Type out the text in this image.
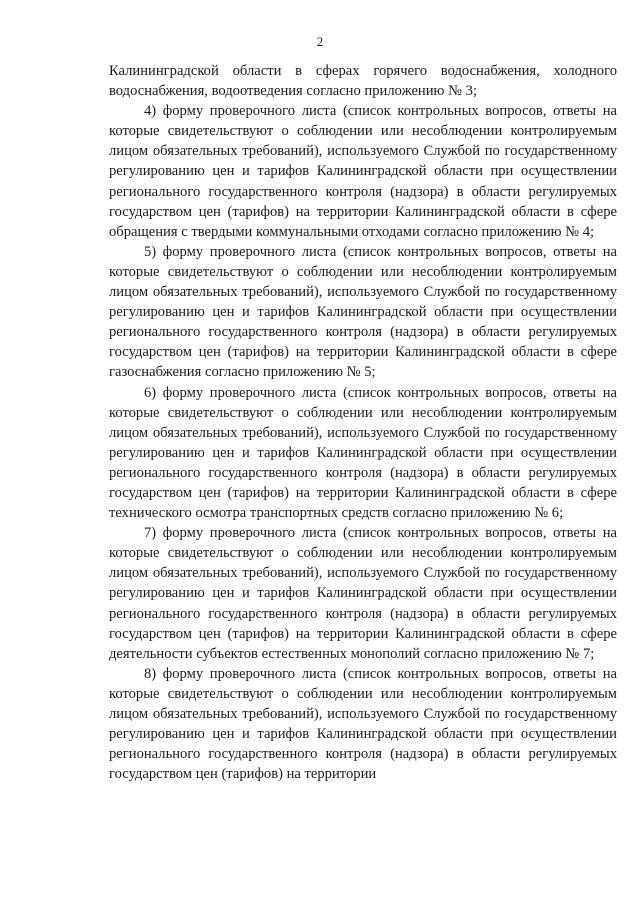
2

Калининградской области в сферах горячего водоснабжения, холодного водоснабжения, водоотведения согласно приложению № 3;

4) форму проверочного листа (список контрольных вопросов, ответы на которые свидетельствуют о соблюдении или несоблюдении контролируемым лицом обязательных требований), используемого Службой по государственному регулированию цен и тарифов Калининградской области при осуществлении регионального государственного контроля (надзора) в области регулируемых государством цен (тарифов) на территории Калининградской области в сфере обращения с твердыми коммунальными отходами согласно приложению № 4;

5) форму проверочного листа (список контрольных вопросов, ответы на которые свидетельствуют о соблюдении или несоблюдении контролируемым лицом обязательных требований), используемого Службой по государственному регулированию цен и тарифов Калининградской области при осуществлении регионального государственного контроля (надзора) в области регулируемых государством цен (тарифов) на территории Калининградской области в сфере газоснабжения согласно приложению № 5;

6) форму проверочного листа (список контрольных вопросов, ответы на которые свидетельствуют о соблюдении или несоблюдении контролируемым лицом обязательных требований), используемого Службой по государственному регулированию цен и тарифов Калининградской области при осуществлении регионального государственного контроля (надзора) в области регулируемых государством цен (тарифов) на территории Калининградской области в сфере технического осмотра транспортных средств согласно приложению № 6;

7) форму проверочного листа (список контрольных вопросов, ответы на которые свидетельствуют о соблюдении или несоблюдении контролируемым лицом обязательных требований), используемого Службой по государственному регулированию цен и тарифов Калининградской области при осуществлении регионального государственного контроля (надзора) в области регулируемых государством цен (тарифов) на территории Калининградской области в сфере деятельности субъектов естественных монополий согласно приложению № 7;

8) форму проверочного листа (список контрольных вопросов, ответы на которые свидетельствуют о соблюдении или несоблюдении контролируемым лицом обязательных требований), используемого Службой по государственному регулированию цен и тарифов Калининградской области при осуществлении регионального государственного контроля (надзора) в области регулируемых государством цен (тарифов) на территории
